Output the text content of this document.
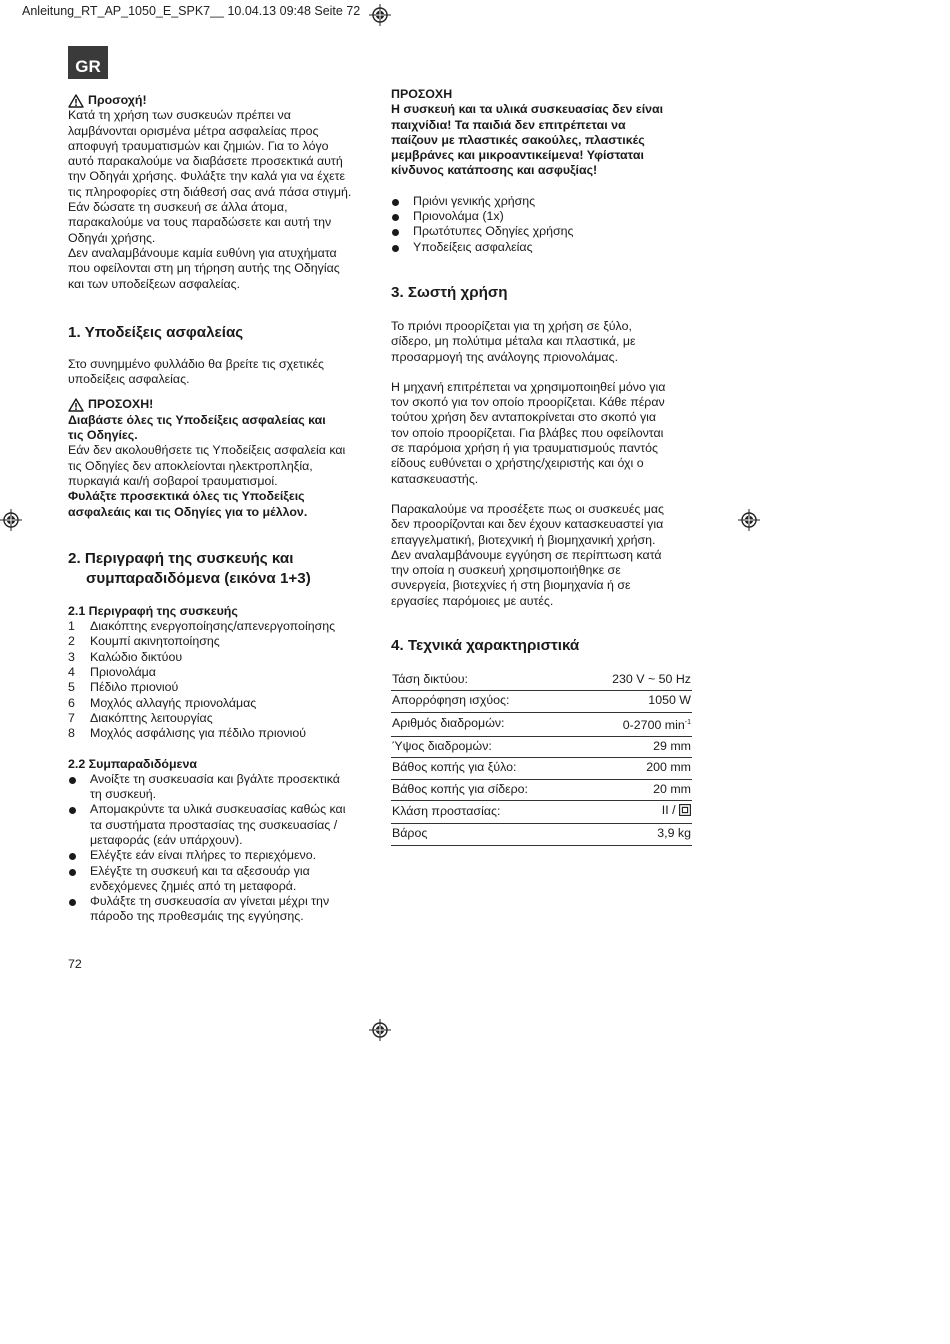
Anleitung_RT_AP_1050_E_SPK7__ 10.04.13 09:48 Seite 72
GR
Προσοχή!

Κατά τη χρήση των συσκευών πρέπει να

λαμβάνονται ορισμένα μέτρα ασφαλείας προς

αποφυγή τραυματισμών και ζημιών. Για το λόγο

αυτό παρακαλούμε να διαβάσετε προσεκτικά αυτή

την Οδηγάι χρήσης. Φυλάξτε την καλά για να έχετε

τις πληροφορίες στη διάθεσή σας ανά πάσα στιγμή.

Εάν δώσατε τη συσκευή σε άλλα άτομα,

παρακαλούμε να τους παραδώσετε και αυτή την

Οδηγάι χρήσης.

Δεν αναλαμβάνουμε καμία ευθύνη για ατυχήματα

που οφείλονται στη μη τήρηση αυτής της Οδηγίας

και των υποδείξεων ασφαλείας.

1. Υποδείξεις ασφαλείας

Στο συνημμένο φυλλάδιο θα βρείτε τις σχετικές

υποδείξεις ασφαλείας.

ΠΡΟΣΟΧΗ!

Διαβάστε όλες τις Υποδείξεις ασφαλείας και

τις Οδηγίες.

Εάν δεν ακολουθήσετε τις Υποδείξεις ασφαλεία και

τις Οδηγίες δεν αποκλείονται ηλεκτροπληξία,

πυρκαγιά και/ή σοβαροί τραυματισμοί.

Φυλάξτε προσεκτικά όλες τις Υποδείξεις

ασφαλεάις και τις Οδηγίες για το μέλλον.

2. Περιγραφή της συσκευής και
συμπαραδιδόμενα (εικόνα 1+3)
2.1 Περιγραφή της συσκευής
1	Διακόπτης ενεργοποίησης/απενεργοποίησης
2	Κουμπί ακινητοποίησης
3	Καλώδιο δικτύου
4	Πριονολάμα
5	Πέδιλο πριονιού
6	Μοχλός αλλαγής πριονολάμας
7	Διακόπτης λειτουργίας
8	Μοχλός ασφάλισης για πέδιλο πριονιού
2.2 Συμπαραδιδόμενα

Ανοίξτε τη συσκευασία και βγάλτε προσεκτικά

τη συσκευή.

Απομακρύντε τα υλικά συσκευασίας καθώς και

τα συστήματα προστασίας της συσκευασίας /

μεταφοράς (εάν υπάρχουν).

Ελέγξτε εάν είναι πλήρες το περιεχόμενο.

Ελέγξτε τη συσκευή και τα αξεσουάρ για

ενδεχόμενες ζημιές από τη μεταφορά.

Φυλάξτε τη συσκευασία αν γίνεται μέχρι την

πάροδο της προθεσμάις της εγγύησης.

72

ΠΡΟΣΟΧΗ

Η συσκευή και τα υλικά συσκευασίας δεν είναι

παιχνίδια! Τα παιδιά δεν επιτρέπεται να

παίζουν με πλαστικές σακούλες, πλαστικές

μεμβράνες και μικροαντικείμενα! Υφίσταται

κίνδυνος κατάποσης και ασφυξίας!

Πριόνι γενικής χρήσης
Πριονολάμα (1x)
Πρωτότυπες Οδηγίες χρήσης
Υποδείξεις ασφαλείας
3. Σωστή χρήση

Το πριόνι προορίζεται για τη χρήση σε ξύλο,

σίδερο, μη πολύτιμα μέταλα και πλαστικά, με

προσαρμογή της ανάλογης πριονολάμας.

Η μηχανή επιτρέπεται να χρησιμοποιηθεί μόνο για

τον σκοπό για τον οποίο προορίζεται. Κάθε πέραν

τούτου χρήση δεν ανταποκρίνεται στο σκοπό για

τον οποίο προορίζεται. Για βλάβες που οφείλονται

σε παρόμοια χρήση ή για τραυματισμούς παντός

είδους ευθύνεται ο χρήστης/χειριστής και όχι ο

κατασκευαστής.

Παρακαλούμε να προσέξετε πως οι συσκευές μας

δεν προορίζονται και δεν έχουν κατασκευαστεί για

επαγγελματική, βιοτεχνική ή βιομηχανική χρήση.

Δεν αναλαμβάνουμε εγγύηση σε περίπτωση κατά

την οποία η συσκευή χρησιμοποιήθηκε σε

συνεργεία, βιοτεχνίες ή στη βιομηχανία ή σε

εργασίες παρόμοιες με αυτές.

4. Τεχνικά χαρακτηριστικά
Τάση δικτύου:	230 V ~ 50 Hz
Απορρόφηση ισχύος:	1050 W
Αριθμός διαδρομών:	0-2700 $\min^{-1}$
Ύψος διαδρομών:	29 mm
Βάθος κοπής για ξύλο:	200 mm
Βάθος κοπής για σίδερο:	20 mm
Κλάση προστασίας:	II /
Βάρος	3,9 kg
